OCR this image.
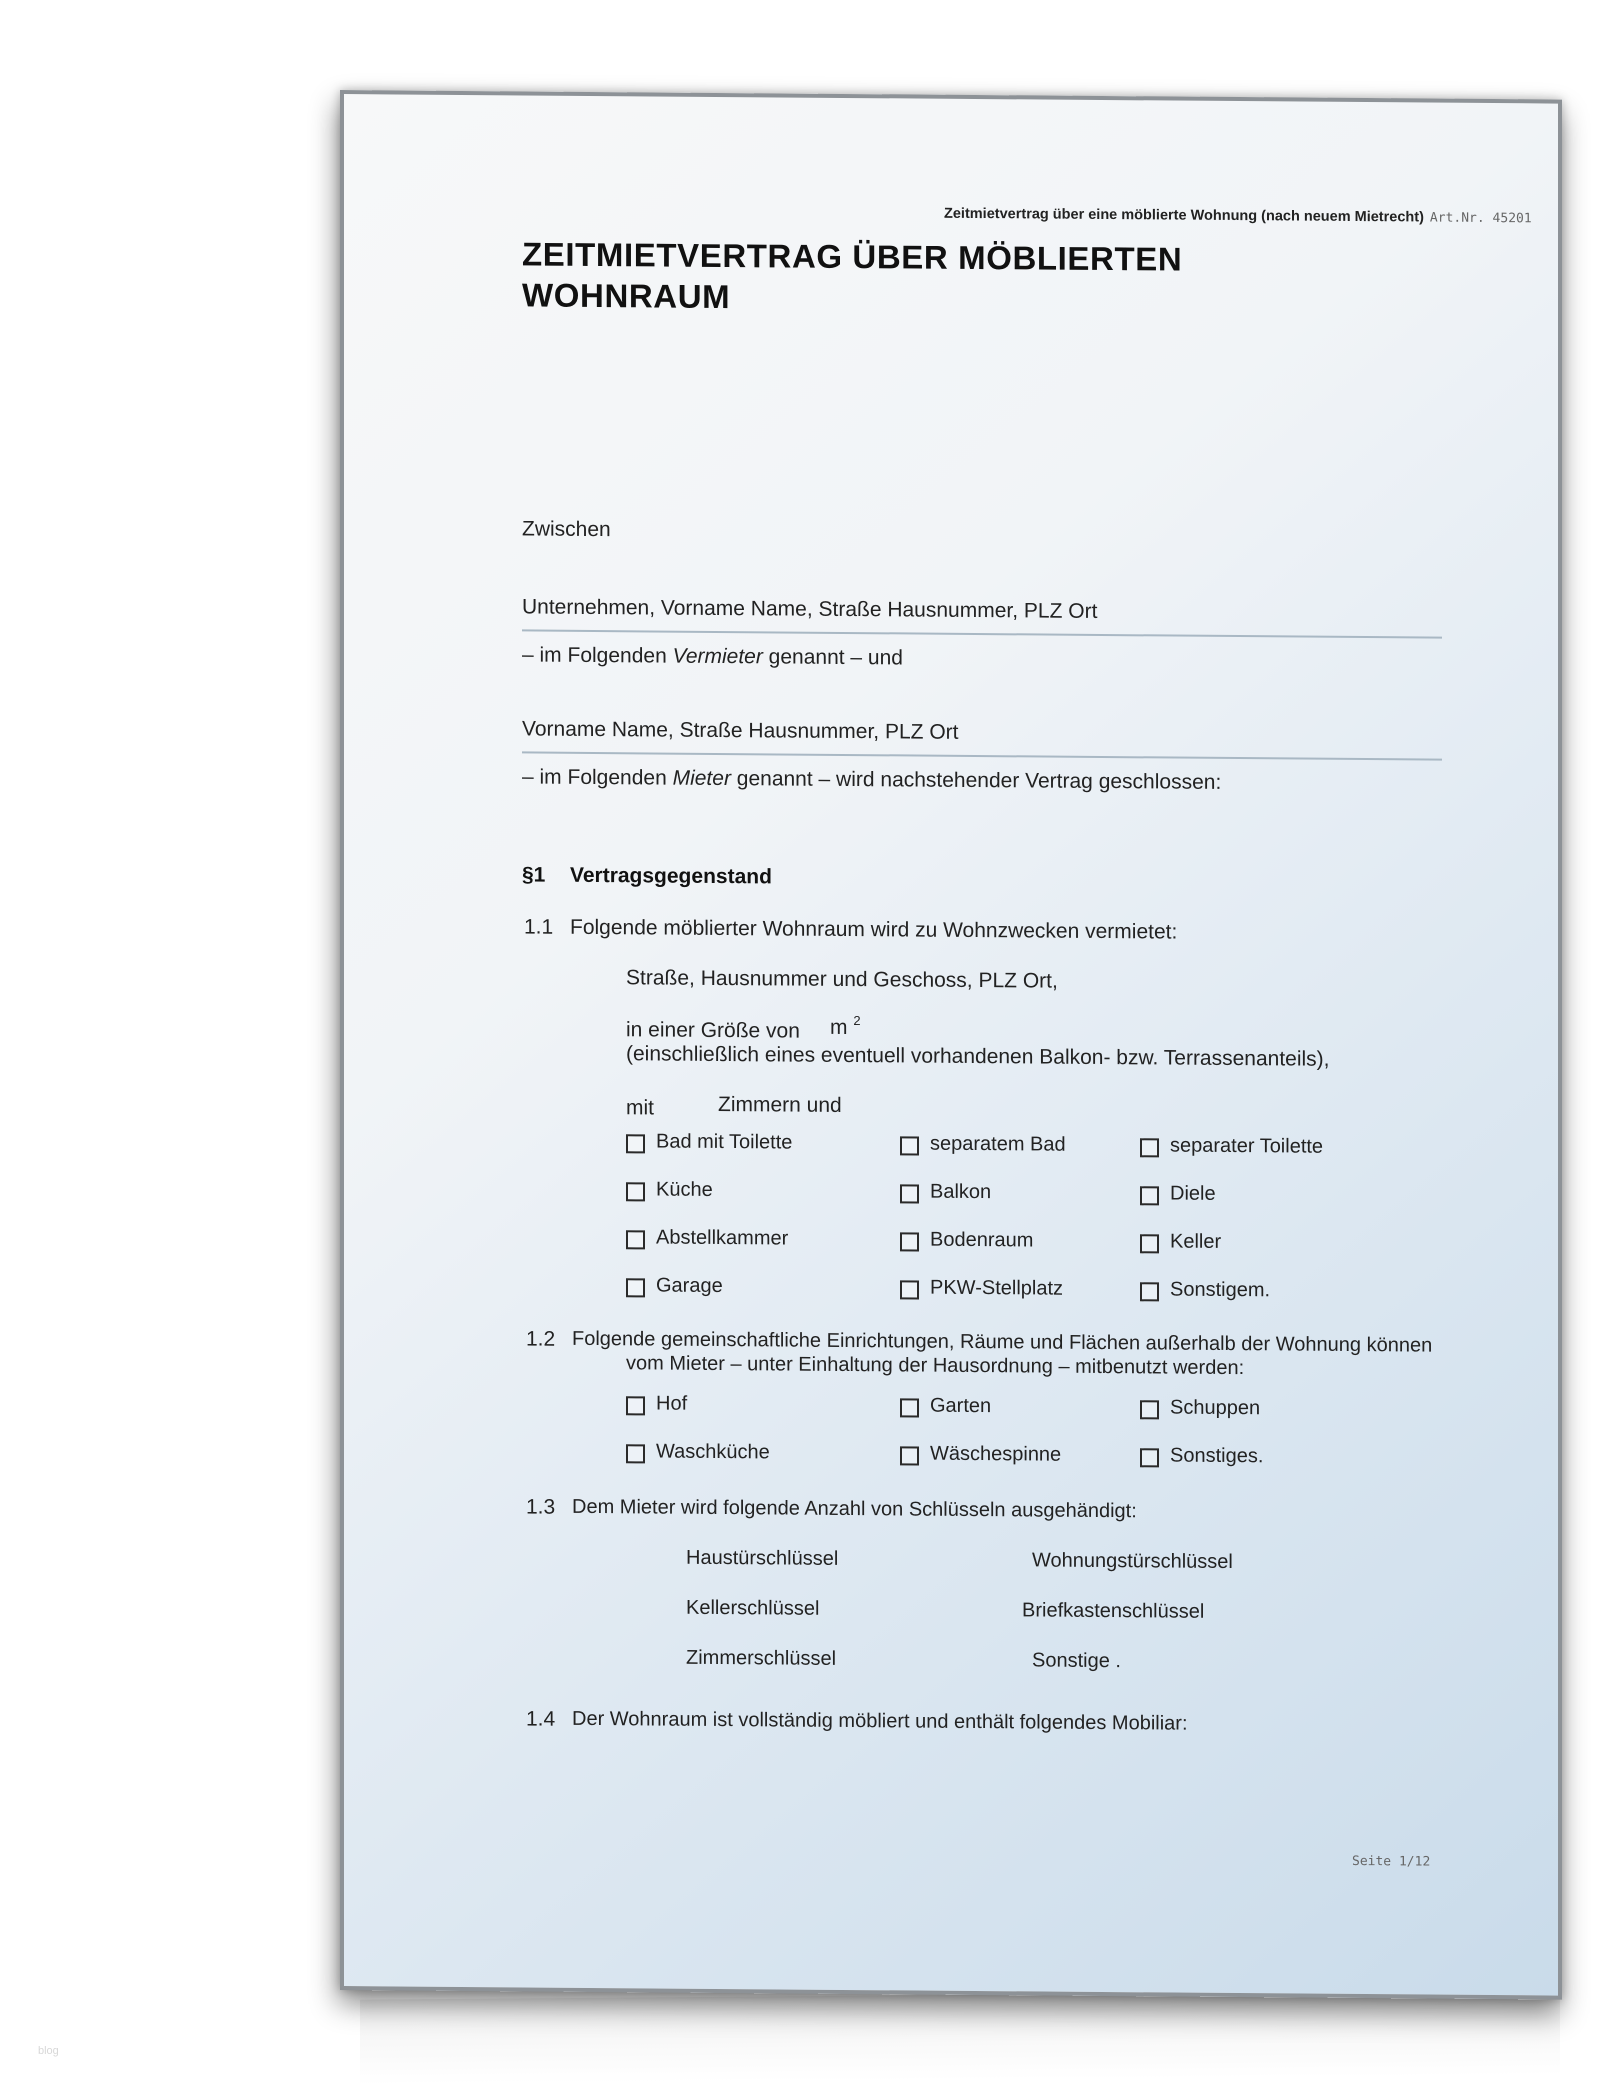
Zeitmietvertrag über eine möblierte Wohnung (nach neuem Mietrecht) Art.Nr. 45201
ZEITMIETVERTRAG ÜBER MÖBLIERTEN WOHNRAUM
Zwischen
Unternehmen, Vorname Name, Straße Hausnummer, PLZ Ort
– im Folgenden Vermieter genannt – und
Vorname Name, Straße Hausnummer, PLZ Ort
– im Folgenden Mieter genannt – wird nachstehender Vertrag geschlossen:
§1 Vertragsgegenstand
1.1 Folgende möblierter Wohnraum wird zu Wohnzwecken vermietet:
Straße, Hausnummer und Geschoss, PLZ Ort,
in einer Größe von m $^2$
(einschließlich eines eventuell vorhandenen Balkon- bzw. Terrassenanteils),
mit	Zimmern und
Bad mit Toilette	separatem Bad	separater Toilette
Küche	Balkon	Diele
Abstellkammer	Bodenraum	Keller
Garage	PKW-Stellplatz	Sonstigem.
1.2 Folgende gemeinschaftliche Einrichtungen, Räume und Flächen außerhalb der Wohnung können
vom Mieter – unter Einhaltung der Hausordnung – mitbenutzt werden:
Hof	Garten	Schuppen
Waschküche	Wäschespinne	Sonstiges.
1.3 Dem Mieter wird folgende Anzahl von Schlüsseln ausgehändigt:
Haustürschlüssel	Wohnungstürschlüssel
Kellerschlüssel	Briefkastenschlüssel
Zimmerschlüssel	Sonstige .
1.4 Der Wohnraum ist vollständig möbliert und enthält folgendes Mobiliar:
Seite 1/12
blog
